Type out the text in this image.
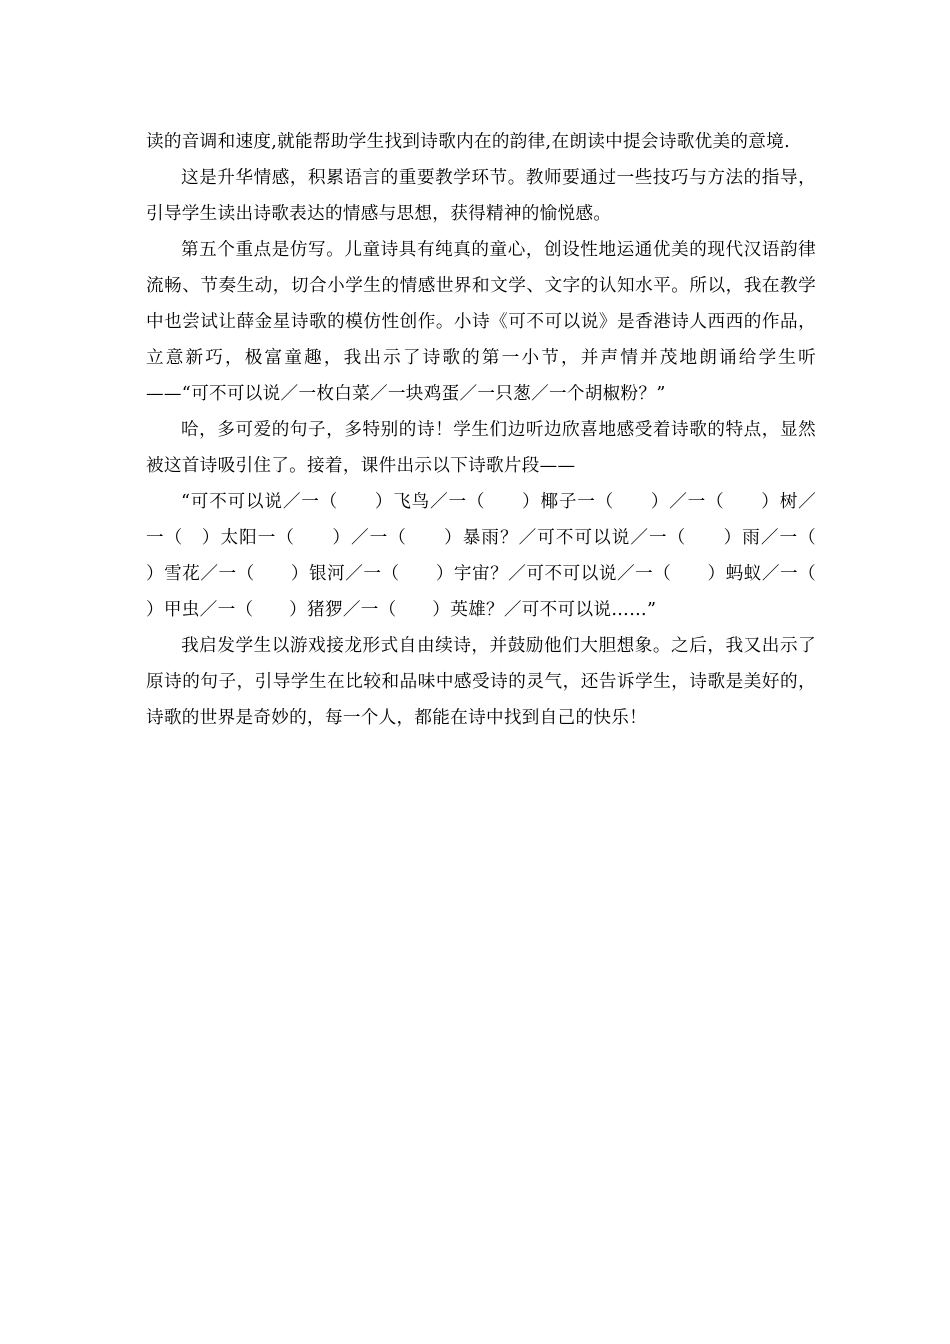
读的音调和速度,就能帮助学生找到诗歌内在的韵律,在朗读中提会诗歌优美的意境.

这是升华情感，积累语言的重要教学环节。教师要通过一些技巧与方法的指导，引导学生读出诗歌表达的情感与思想，获得精神的愉悦感。

第五个重点是仿写。儿童诗具有纯真的童心，创设性地运通优美的现代汉语韵律流畅、节奏生动，切合小学生的情感世界和文学、文字的认知水平。所以，我在教学中也尝试让薛金星诗歌的模仿性创作。小诗《可不可以说》是香港诗人西西的作品，立意新巧，极富童趣，我出示了诗歌的第一小节，并声情并茂地朗诵给学生听——“可不可以说／一枚白菜／一块鸡蛋／一只葱／一个胡椒粉？”

哈，多可爱的句子，多特别的诗！学生们边听边欣喜地感受着诗歌的特点，显然被这首诗吸引住了。接着，课件出示以下诗歌片段——

“可不可以说／一（　　）飞鸟／一（　　）椰子一（　　）／一（　　）树／一（　）太阳一（　　）／一（　　）暴雨？／可不可以说／一（　　）雨／一（　　）雪花／一（　　）银河／一（　　）宇宙？／可不可以说／一（　　）蚂蚁／一（　　）甲虫／一（　　）猪猡／一（　　）英雄？／可不可以说……”

我启发学生以游戏接龙形式自由续诗，并鼓励他们大胆想象。之后，我又出示了原诗的句子，引导学生在比较和品味中感受诗的灵气，还告诉学生，诗歌是美好的，诗歌的世界是奇妙的，每一个人，都能在诗中找到自己的快乐！
